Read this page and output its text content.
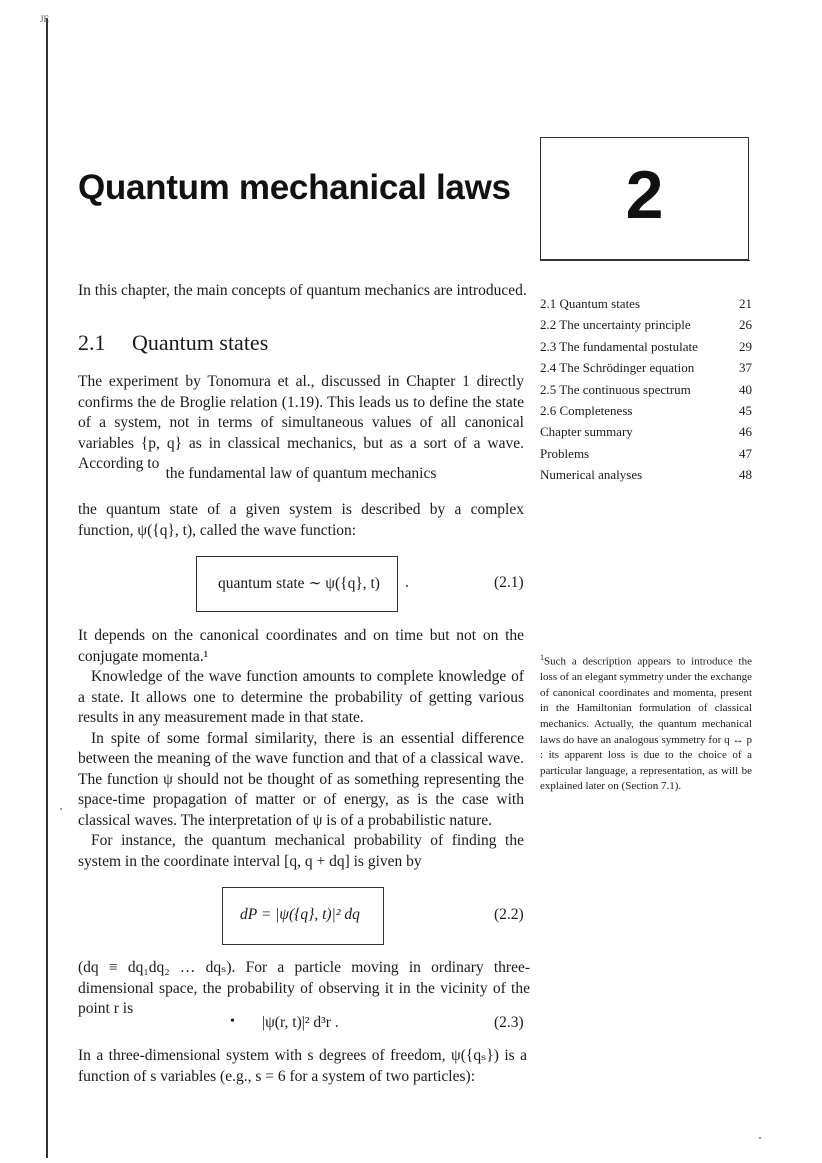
JE
Quantum mechanical laws	2
In this chapter, the main concepts of quantum mechanics are introduced.
2.1 Quantum states
The experiment by Tonomura et al., discussed in Chapter 1 directly confirms the de Broglie relation (1.19). This leads us to define the state of a system, not in terms of simultaneous values of all canonical variables {p, q} as in classical mechanics, but as a sort of a wave. According to
the fundamental law of quantum mechanics
the quantum state of a given system is described by a complex function, ψ({q}, t), called the wave function:
quantum state ∼ ψ({q}, t) .	(2.1)
It depends on the canonical coordinates and on time but not on the conjugate momenta.¹
Knowledge of the wave function amounts to complete knowledge of a state. It allows one to determine the probability of getting various results in any measurement made in that state.
In spite of some formal similarity, there is an essential difference between the meaning of the wave function and that of a classical wave. The function ψ should not be thought of as something representing the space-time propagation of matter or of energy, as is the case with classical waves. The interpretation of ψ is of a probabilistic nature.
For instance, the quantum mechanical probability of finding the system in the coordinate interval [q, q + dq] is given by
dP = |ψ({q}, t)|² dq	(2.2)
(dq ≡ dq₁dq₂ … dqₛ). For a particle moving in ordinary three-dimensional space, the probability of observing it in the vicinity of the point r is
• |ψ(r, t)|² d³r .	(2.3)
In a three-dimensional system with s degrees of freedom, ψ({qₛ}) is a function of s variables (e.g., s = 6 for a system of two particles):
2.1 Quantum states	21
2.2 The uncertainty principle	26
2.3 The fundamental postulate	29
2.4 The Schrödinger equation	37
2.5 The continuous spectrum	40
2.6 Completeness	45
Chapter summary	46
Problems	47
Numerical analyses	48
$^1$Such a description appears to introduce the loss of an elegant symmetry under the exchange of canonical coordinates and momenta, present in the Hamiltonian formulation of classical mechanics. Actually, the quantum mechanical laws do have an analogous symmetry for q ↔ p : its apparent loss is due to the choice of a particular language, a representation, as will be explained later on (Section 7.1).
